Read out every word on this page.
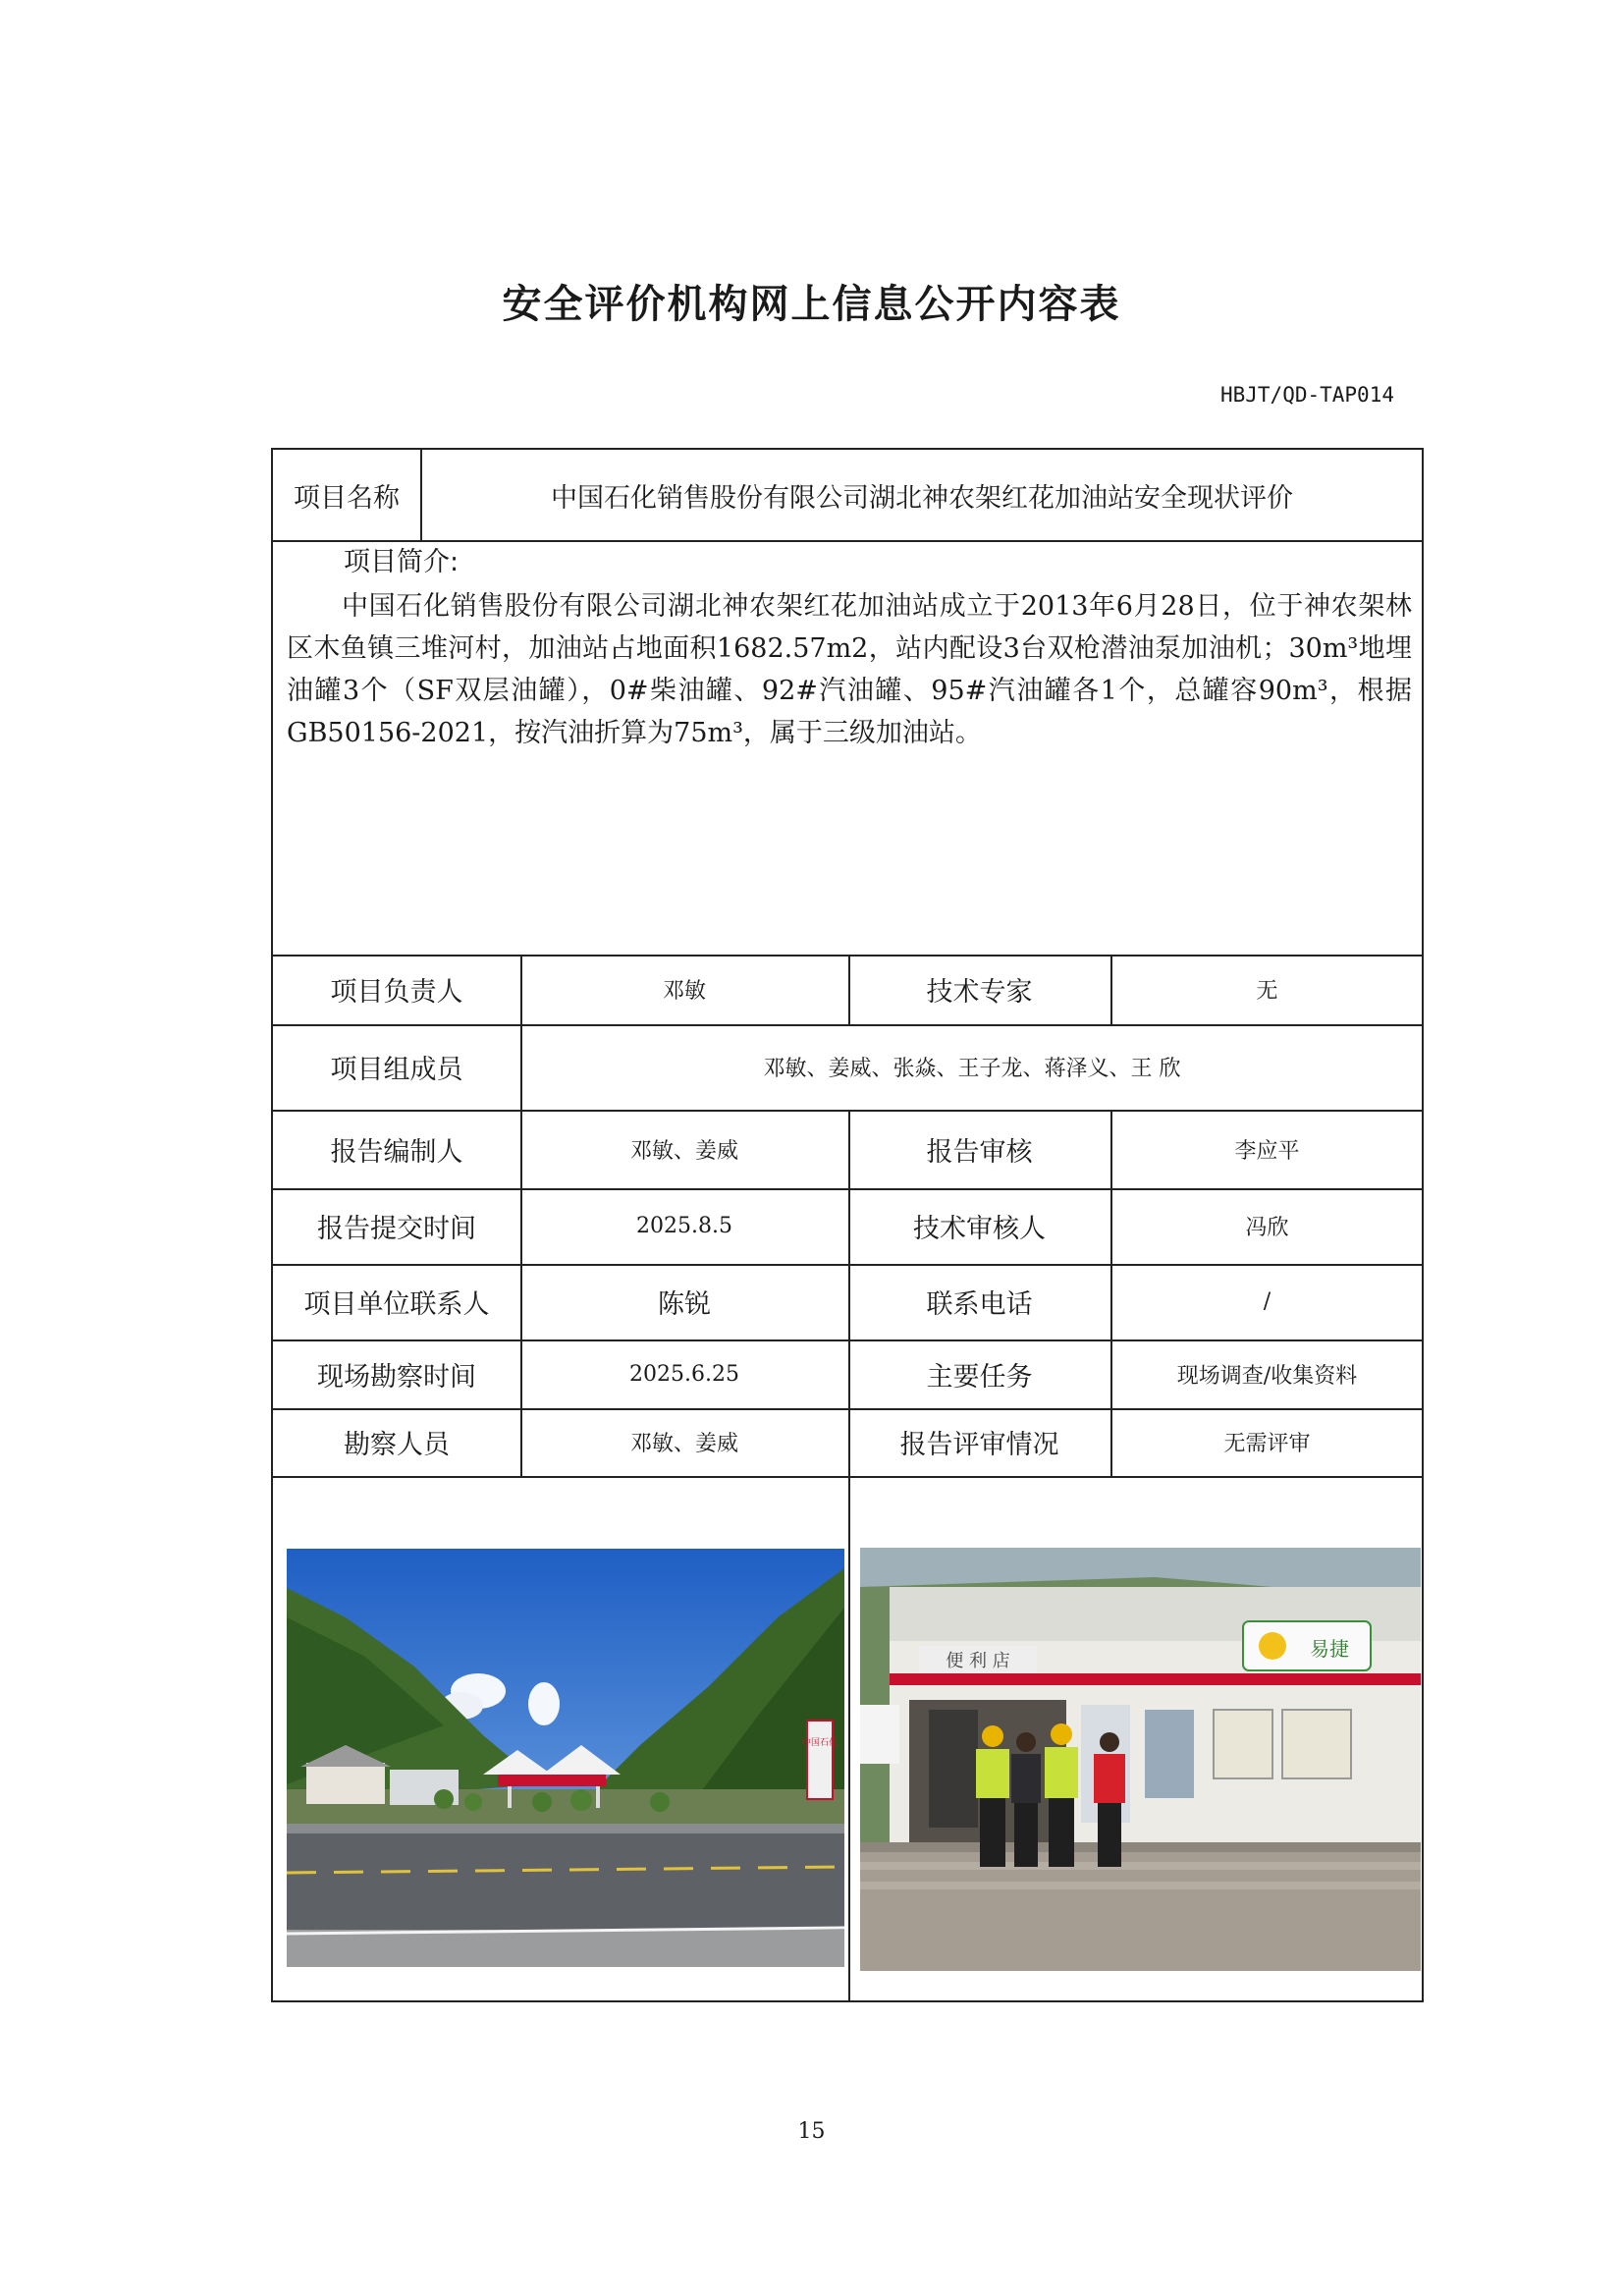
安全评价机构网上信息公开内容表
HBJT/QD-TAP014
项目名称	中国石化销售股份有限公司湖北神农架红花加油站安全现状评价
项目简介:
中国石化销售股份有限公司湖北神农架红花加油站成立于2013年6月28日，位于神农架林区木鱼镇三堆河村，加油站占地面积1682.57m2，站内配设3台双枪潜油泵加油机；30m³地埋油罐3个（SF双层油罐），0#柴油罐、92#汽油罐、95#汽油罐各1个，总罐容90m³，根据GB50156-2021，按汽油折算为75m³，属于三级加油站。
项目负责人	邓敏	技术专家	无
项目组成员	邓敏、姜威、张焱、王子龙、蒋泽义、王 欣
报告编制人	邓敏、姜威	报告审核	李应平
报告提交时间	2025.8.5	技术审核人	冯欣
项目单位联系人	陈锐	联系电话	/
现场勘察时间	2025.6.25	主要任务	现场调查/收集资料
勘察人员	邓敏、姜威	报告评审情况	无需评审
中国石化
便 利 店
易捷
15
